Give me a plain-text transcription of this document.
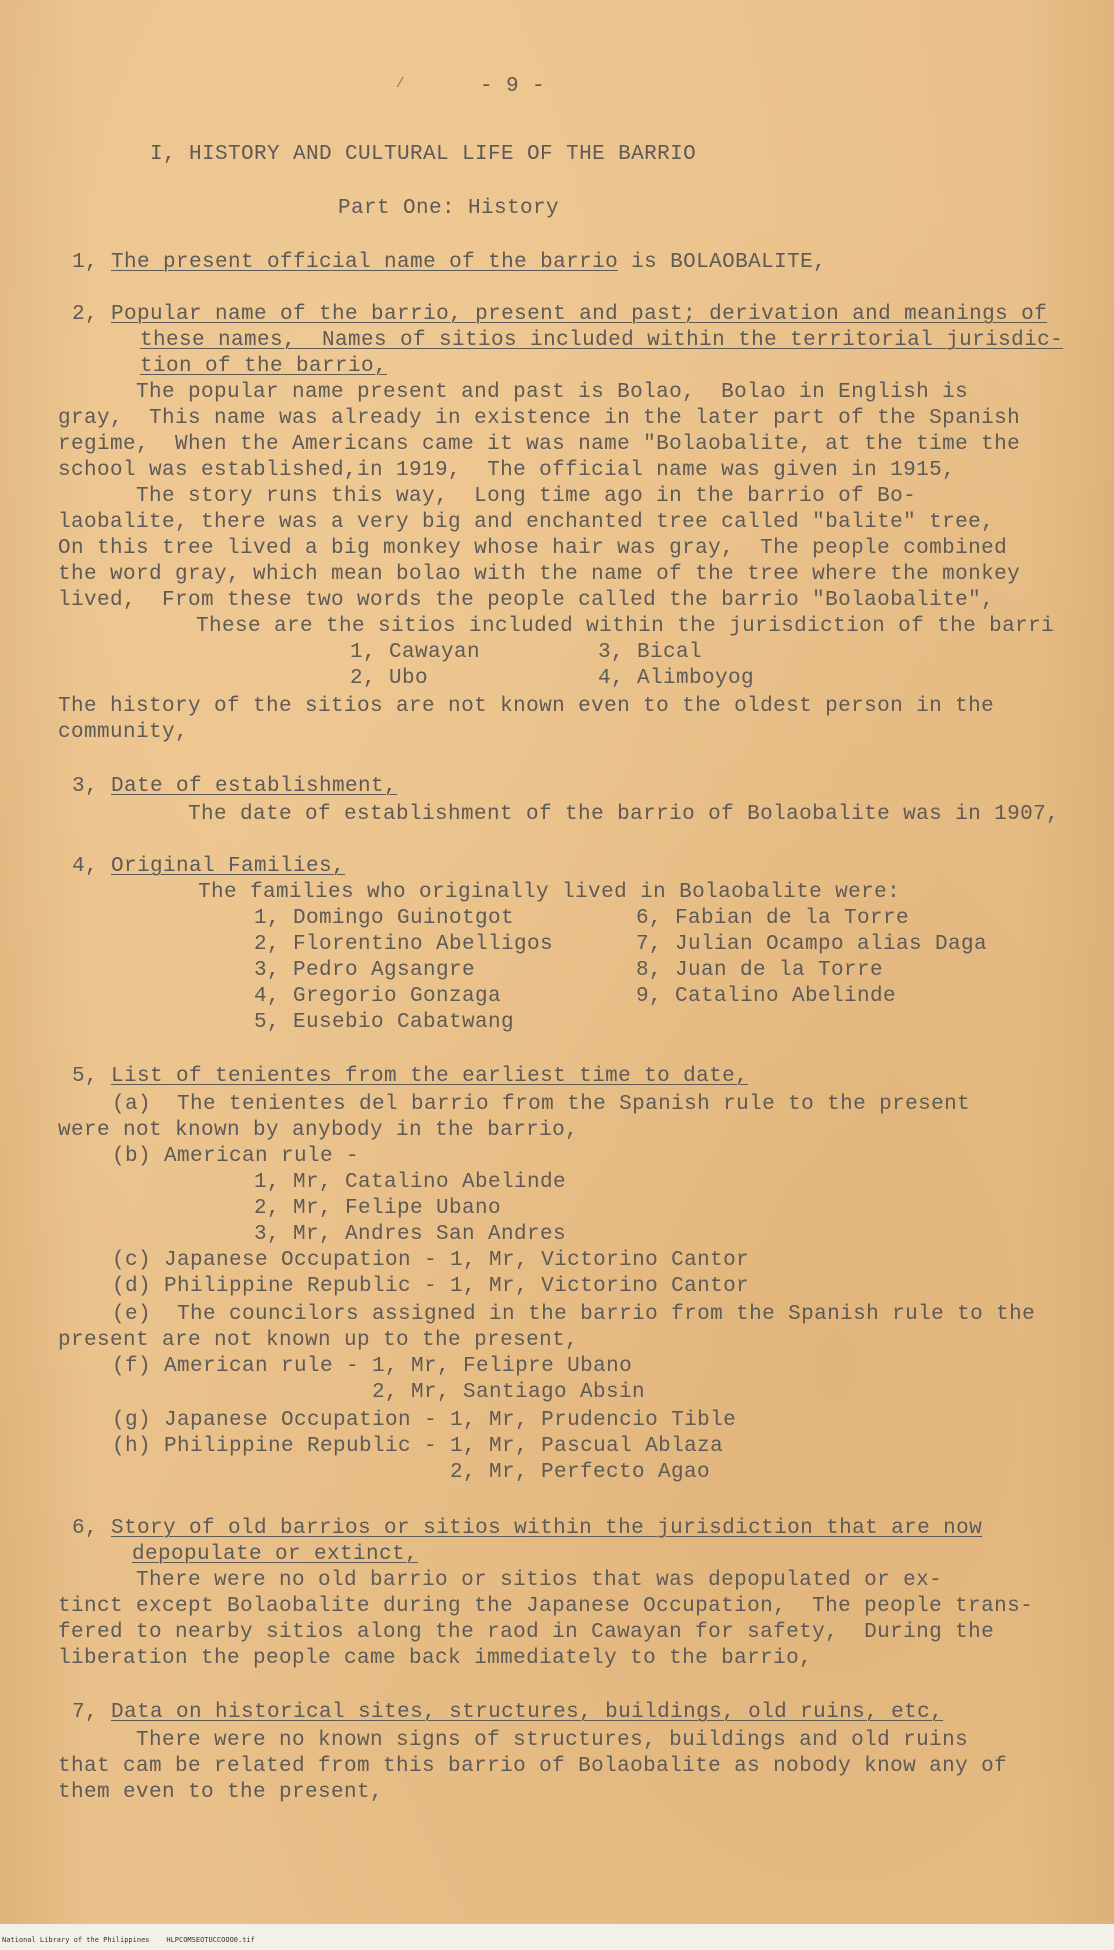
- 9 -
/
I, HISTORY AND CULTURAL LIFE OF THE BARRIO
Part One: History
1, The present official name of the barrio is BOLAOBALITE,
2, Popular name of the barrio, present and past; derivation and meanings of
these names,  Names of sitios included within the territorial jurisdic-
tion of the barrio,
The popular name present and past is Bolao,  Bolao in English is
gray,  This name was already in existence in the later part of the Spanish
regime,  When the Americans came it was name "Bolaobalite, at the time the
school was established,in 1919,  The official name was given in 1915,
The story runs this way,  Long time ago in the barrio of Bo-
laobalite, there was a very big and enchanted tree called "balite" tree,
On this tree lived a big monkey whose hair was gray,  The people combined
the word gray, which mean bolao with the name of the tree where the monkey
lived,  From these two words the people called the barrio "Bolaobalite",
These are the sitios included within the jurisdiction of the barri
1, Cawayan	3, Bical
2, Ubo	4, Alimboyog
The history of the sitios are not known even to the oldest person in the
community,
3, Date of establishment,
The date of establishment of the barrio of Bolaobalite was in 1907,
4, Original Families,
The families who originally lived in Bolaobalite were:
1, Domingo Guinotgot
2, Florentino Abelligos
3, Pedro Agsangre
4, Gregorio Gonzaga
5, Eusebio Cabatwang
6, Fabian de la Torre
7, Julian Ocampo alias Daga
8, Juan de la Torre
9, Catalino Abelinde
5, List of tenientes from the earliest time to date,
(a)  The tenientes del barrio from the Spanish rule to the present
were not known by anybody in the barrio,
(b) American rule -
1, Mr, Catalino Abelinde
2, Mr, Felipe Ubano
3, Mr, Andres San Andres
(c) Japanese Occupation - 1, Mr, Victorino Cantor
(d) Philippine Republic - 1, Mr, Victorino Cantor
(e)  The councilors assigned in the barrio from the Spanish rule to the
present are not known up to the present,
(f) American rule - 1, Mr, Felipre Ubano
2, Mr, Santiago Absin
(g) Japanese Occupation - 1, Mr, Prudencio Tible
(h) Philippine Republic - 1, Mr, Pascual Ablaza
2, Mr, Perfecto Agao
6, Story of old barrios or sitios within the jurisdiction that are now
depopulate or extinct,
There were no old barrio or sitios that was depopulated or ex-
tinct except Bolaobalite during the Japanese Occupation,  The people trans-
fered to nearby sitios along the raod in Cawayan for safety,  During the
liberation the people came back immediately to the barrio,
7, Data on historical sites, structures, buildings, old ruins, etc,
There were no known signs of structures, buildings and old ruins
that cam be related from this barrio of Bolaobalite as nobody know any of
them even to the present,
National Library of the Philippines    HLPCOMSEOTUCCOOO0.tif
